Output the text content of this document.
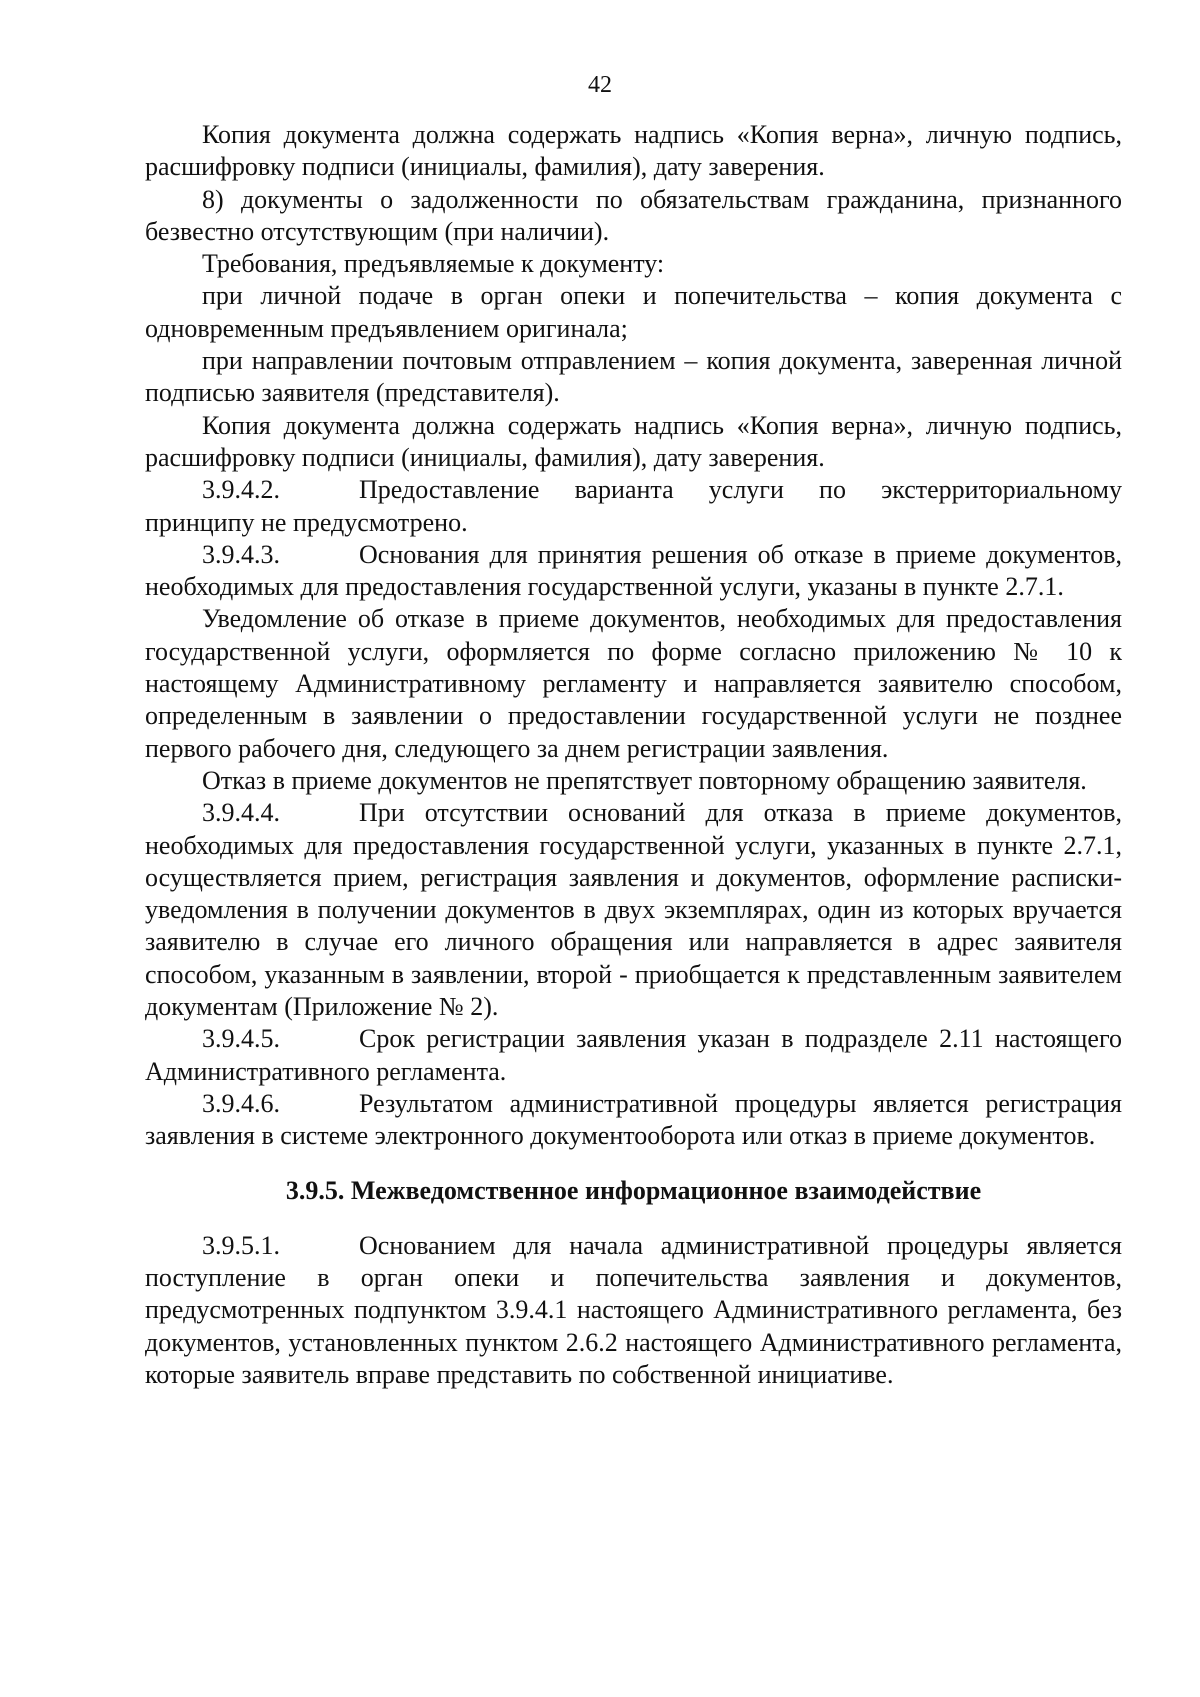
42

Копия документа должна содержать надпись «Копия верна», личную подпись, расшифровку подписи (инициалы, фамилия), дату заверения.

8) документы о задолженности по обязательствам гражданина, признанного безвестно отсутствующим (при наличии).

Требования, предъявляемые к документу:

при личной подаче в орган опеки и попечительства – копия документа с одновременным предъявлением оригинала;

при направлении почтовым отправлением – копия документа, заверенная личной подписью заявителя (представителя).

Копия документа должна содержать надпись «Копия верна», личную подпись, расшифровку подписи (инициалы, фамилия), дату заверения.

3.9.4.2.	Предоставление варианта услуги по экстерриториальному принципу не предусмотрено.

3.9.4.3.	Основания для принятия решения об отказе в приеме документов, необходимых для предоставления государственной услуги, указаны в пункте 2.7.1.

Уведомление об отказе в приеме документов, необходимых для предоставления государственной услуги, оформляется по форме согласно приложению № 10 к настоящему Административному регламенту и направляется заявителю способом, определенным в заявлении о предоставлении государственной услуги не позднее первого рабочего дня, следующего за днем регистрации заявления.

Отказ в приеме документов не препятствует повторному обращению заявителя.

3.9.4.4.	При отсутствии оснований для отказа в приеме документов, необходимых для предоставления государственной услуги, указанных в пункте 2.7.1, осуществляется прием, регистрация заявления и документов, оформление расписки-уведомления в получении документов в двух экземплярах, один из которых вручается заявителю в случае его личного обращения или направляется в адрес заявителя способом, указанным в заявлении, второй - приобщается к представленным заявителем документам (Приложение № 2).

3.9.4.5.	Срок регистрации заявления указан в подразделе 2.11 настоящего Административного регламента.

3.9.4.6.	Результатом административной процедуры является регистрация заявления в системе электронного документооборота или отказ в приеме документов.

3.9.5. Межведомственное информационное взаимодействие

3.9.5.1.	Основанием для начала административной процедуры является поступление в орган опеки и попечительства заявления и документов, предусмотренных подпунктом 3.9.4.1 настоящего Административного регламента, без документов, установленных пунктом 2.6.2 настоящего Административного регламента, которые заявитель вправе представить по собственной инициативе.
